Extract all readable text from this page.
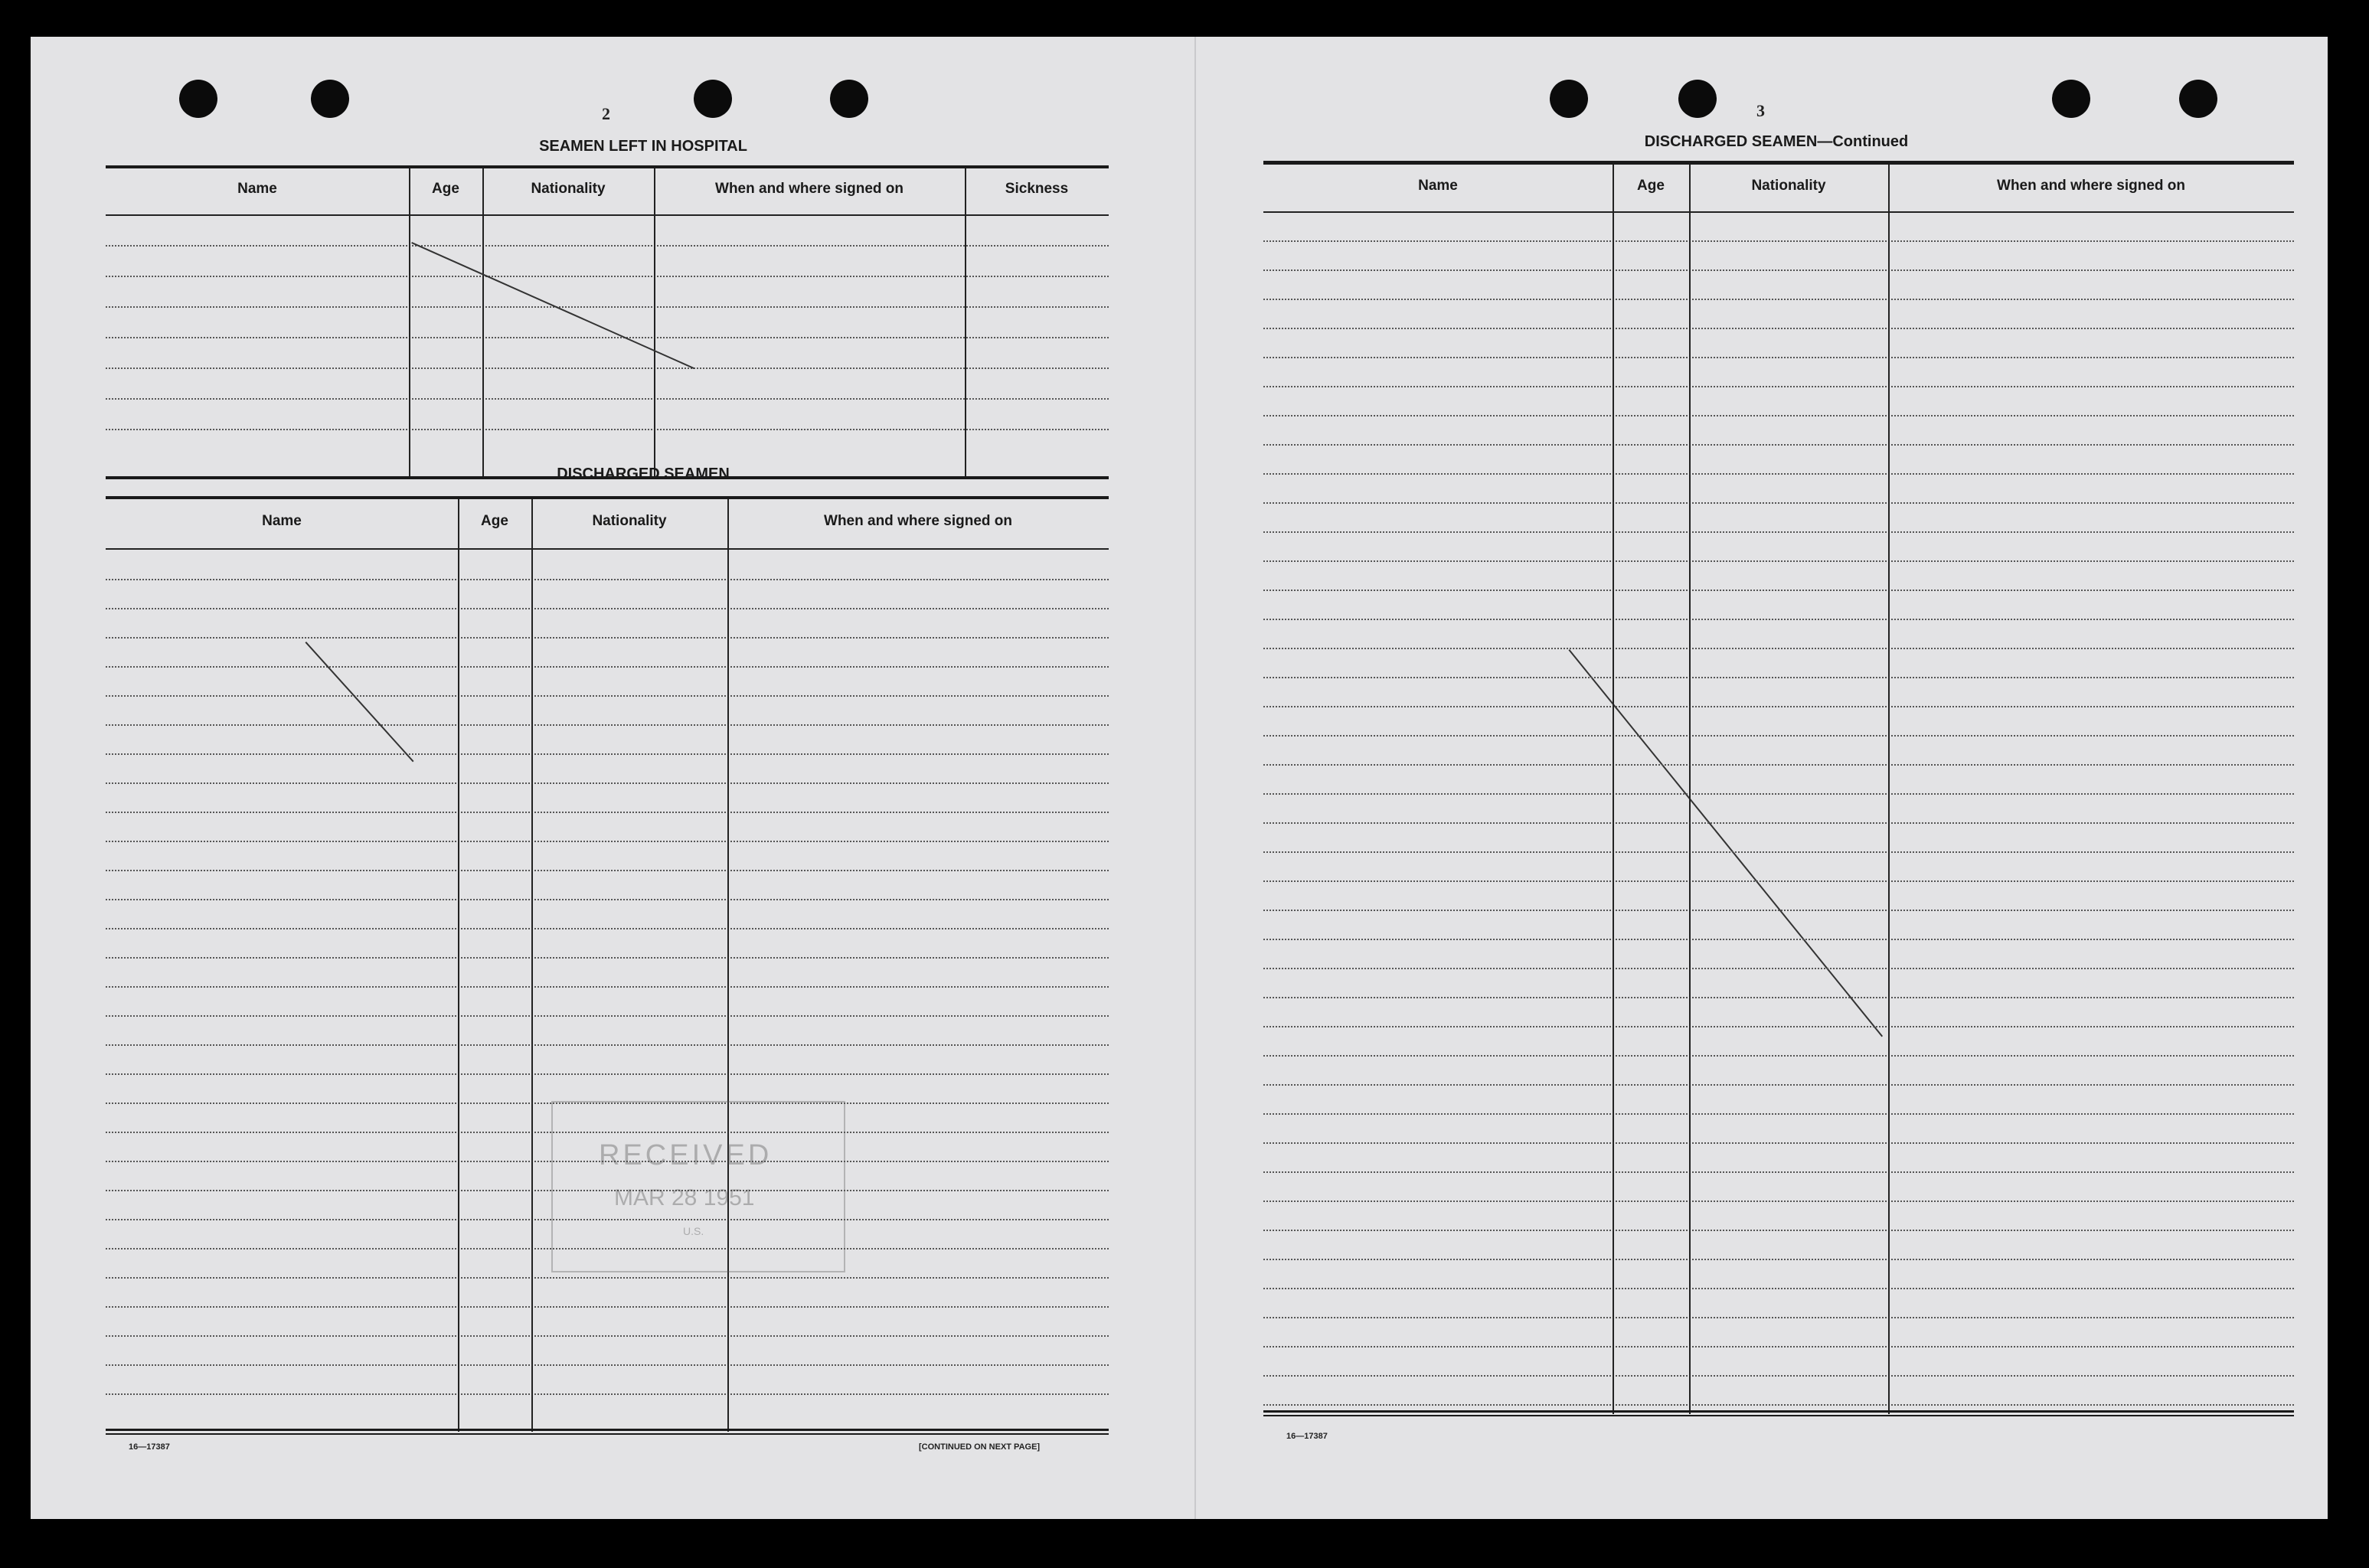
2
SEAMEN LEFT IN HOSPITAL
Name	Age	Nationality	When and where signed on	Sickness
DISCHARGED SEAMEN
Name	Age	Nationality	When and where signed on
16—17387	[CONTINUED ON NEXT PAGE]
RECEIVED
MAR 28 1951
U.S.
3
DISCHARGED SEAMEN—Continued
Name	Age	Nationality	When and where signed on
16—17387
